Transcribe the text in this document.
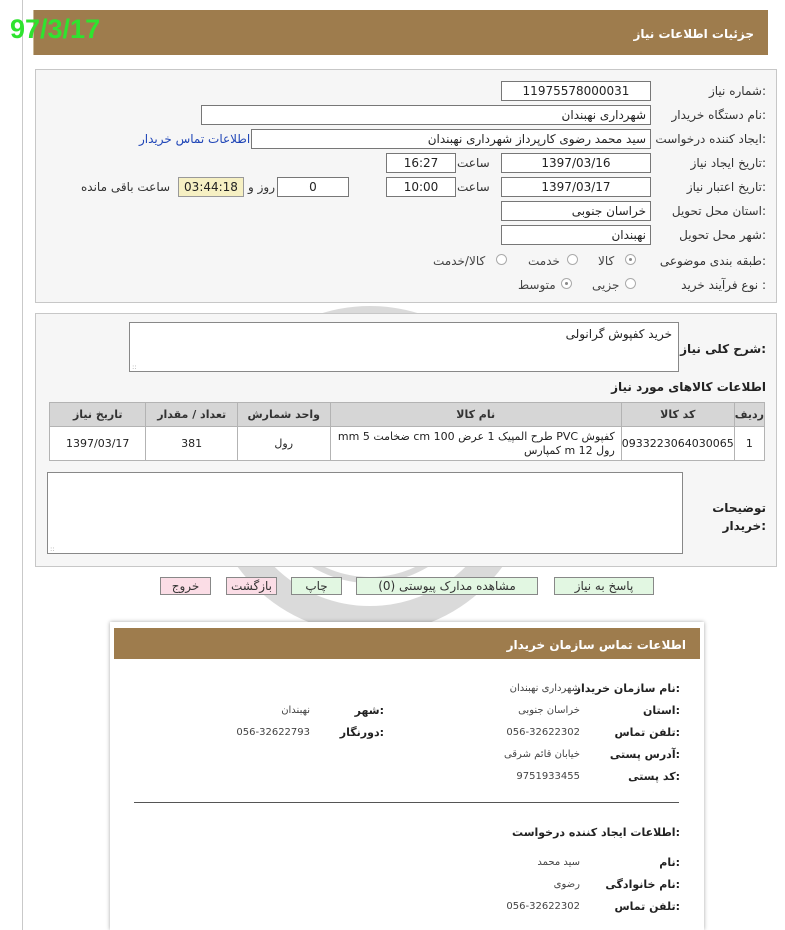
97/3/17	جزئیات اطلاعات نیاز
شماره نیاز:
11975578000031
نام دستگاه خریدار:
شهرداری نهبندان
ایجاد کننده درخواست:
سید محمد رضوی کارپرداز شهرداری نهبندان
اطلاعات تماس خریدار
تاریخ ایجاد نیاز:
1397/03/16
ساعت
16:27
تاریخ اعتبار نیاز:
1397/03/17
ساعت
10:00
0
روز و
03:44:18
ساعت باقی مانده
استان محل تحویل:
خراسان جنوبی
شهر محل تحویل:
نهبندان
طبقه بندی موضوعی:
کالا
خدمت
کالا/خدمت
نوع فرآیند خرید :
جزیی
متوسط
شرح کلی نیاز:
خرید کفپوش گرانولی
::
اطلاعات کالاهای مورد نیاز
ردیف	کد کالا	نام کالا	واحد شمارش	تعداد / مقدار	تاریخ نیاز
1	0933223064030065	کفپوش PVC طرح المپیک 1 عرض 100 cm ضخامت 5 mm رول 12 m کمپارس	رول	381	1397/03/17
توضیحات خریدار:
::
پاسخ به نیاز
مشاهده مدارک پیوستی (0)
چاپ
بازگشت
خروج
اطلاعات تماس سازمان خریدار
نام سازمان خریدار:
شهرداری نهبندان
استان:
خراسان جنوبی
شهر:
نهبندان
تلفن تماس:
056-32622302
دورنگار:
056-32622793
آدرس پستی:
خیابان قائم شرقی
کد پستی:
9751933455
اطلاعات ایجاد کننده درخواست:
نام:
سید محمد
نام خانوادگی:
رضوی
تلفن تماس:
056-32622302
